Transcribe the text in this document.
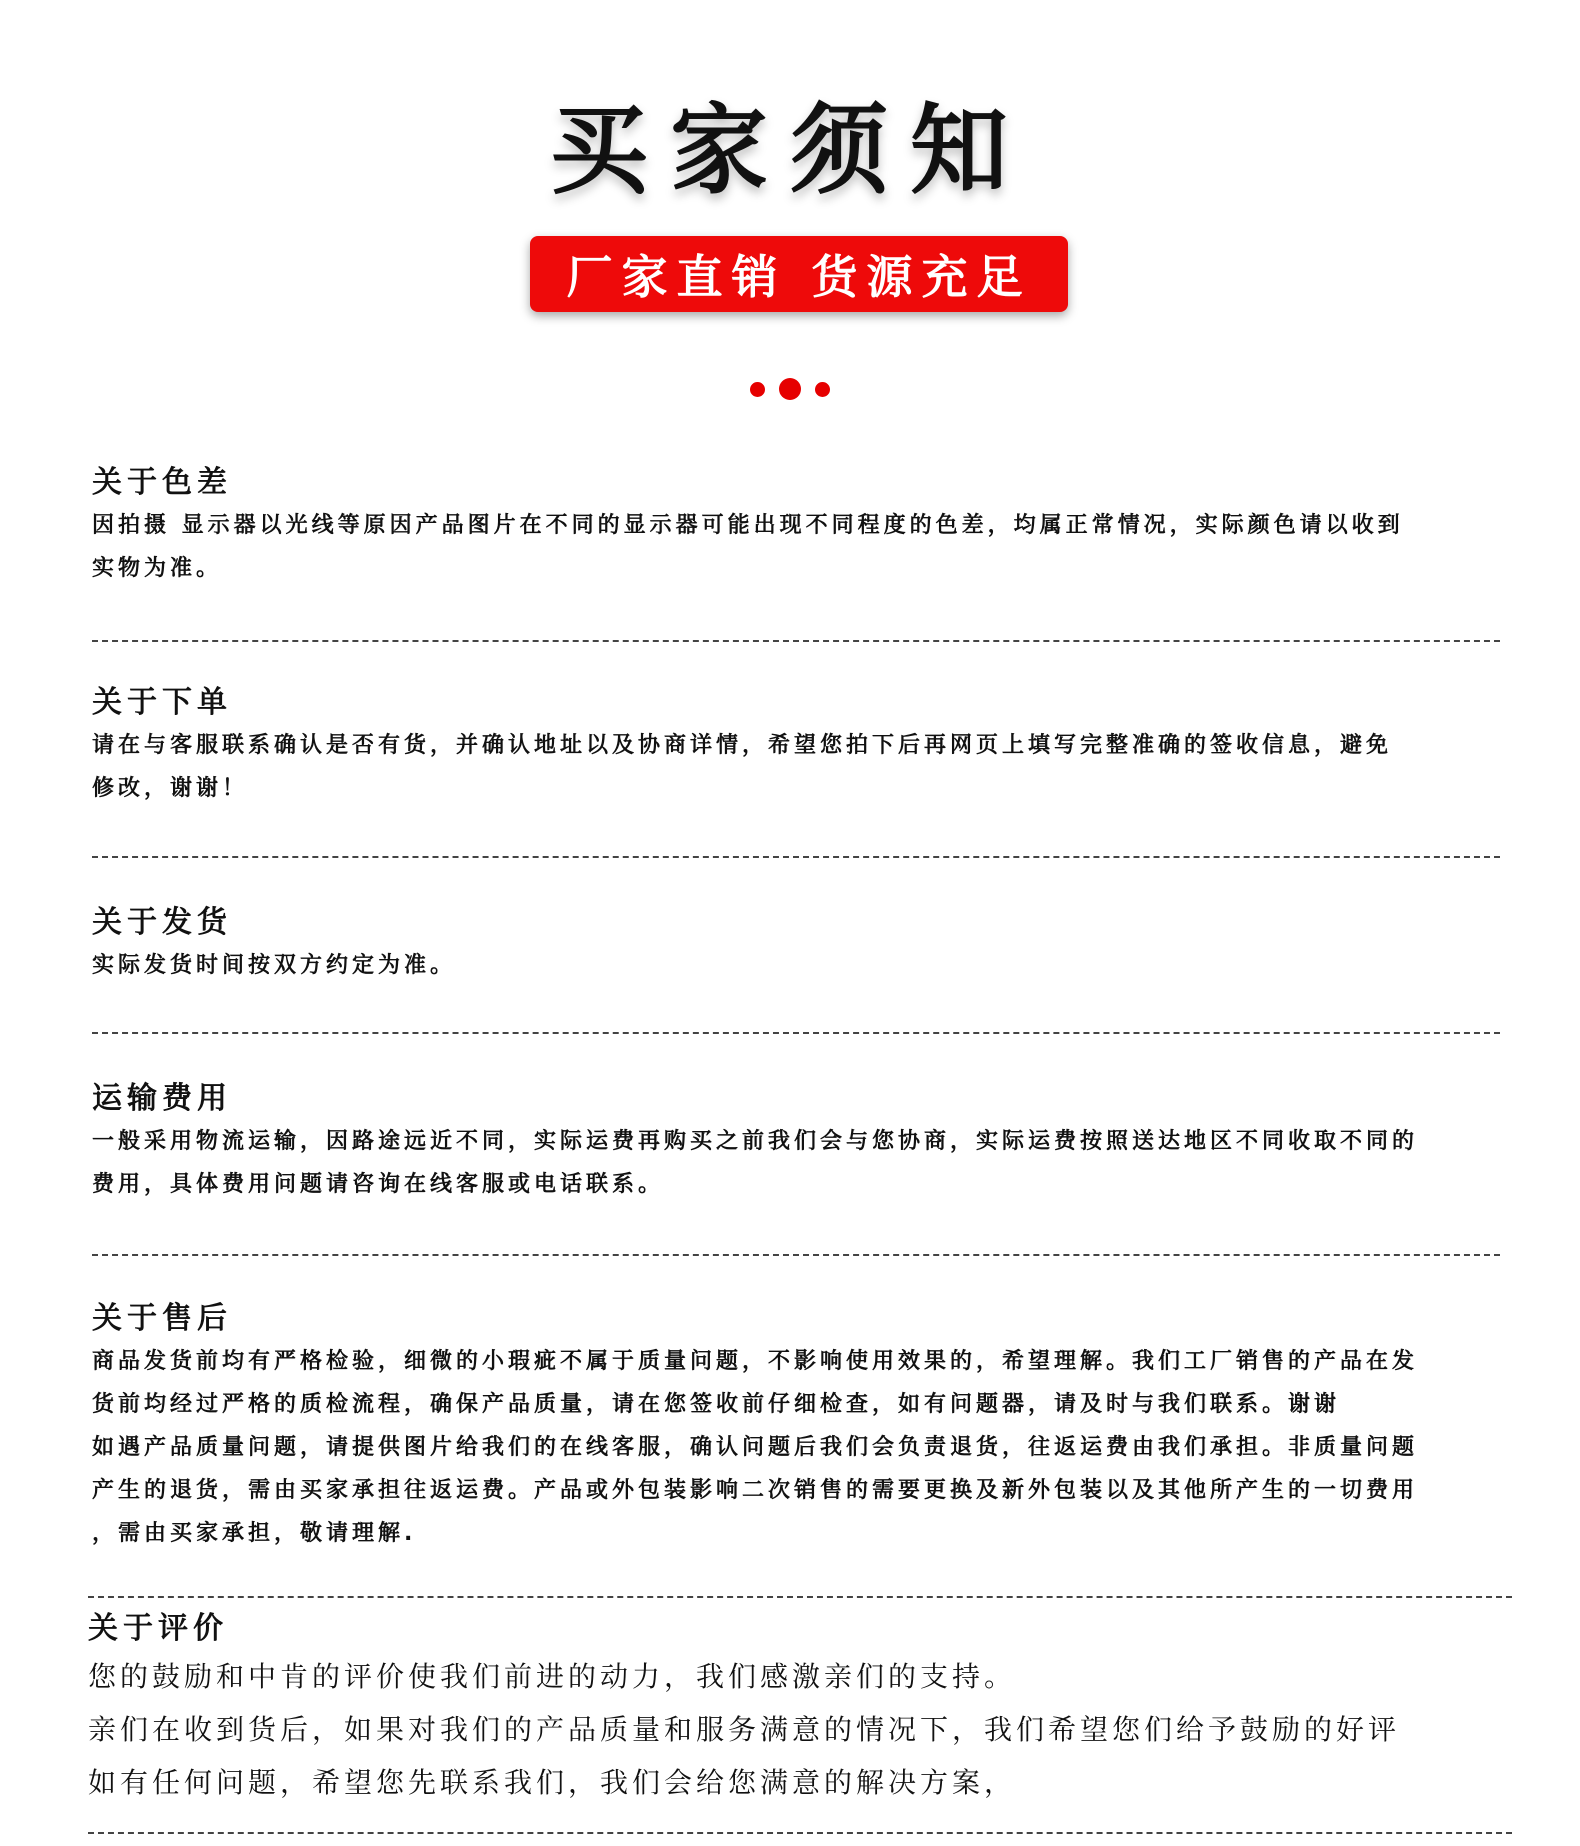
买家须知
厂家直销 货源充足
关于色差
因拍摄 显示器以光线等原因产品图片在不同的显示器可能出现不同程度的色差，均属正常情况，实际颜色请以收到
实物为准。
关于下单
请在与客服联系确认是否有货，并确认地址以及协商详情，希望您拍下后再网页上填写完整准确的签收信息，避免
修改，谢谢！
关于发货
实际发货时间按双方约定为准。
运输费用
一般采用物流运输，因路途远近不同，实际运费再购买之前我们会与您协商，实际运费按照送达地区不同收取不同的
费用，具体费用问题请咨询在线客服或电话联系。
关于售后
商品发货前均有严格检验，细微的小瑕疵不属于质量问题，不影响使用效果的，希望理解。我们工厂销售的产品在发
货前均经过严格的质检流程，确保产品质量，请在您签收前仔细检查，如有问题器，请及时与我们联系。谢谢
如遇产品质量问题，请提供图片给我们的在线客服，确认问题后我们会负责退货，往返运费由我们承担。非质量问题
产生的退货，需由买家承担往返运费。产品或外包装影响二次销售的需要更换及新外包装以及其他所产生的一切费用
，需由买家承担，敬请理解.
关于评价
您的鼓励和中肯的评价使我们前进的动力，我们感激亲们的支持。
亲们在收到货后，如果对我们的产品质量和服务满意的情况下，我们希望您们给予鼓励的好评
如有任何问题，希望您先联系我们，我们会给您满意的解决方案，
